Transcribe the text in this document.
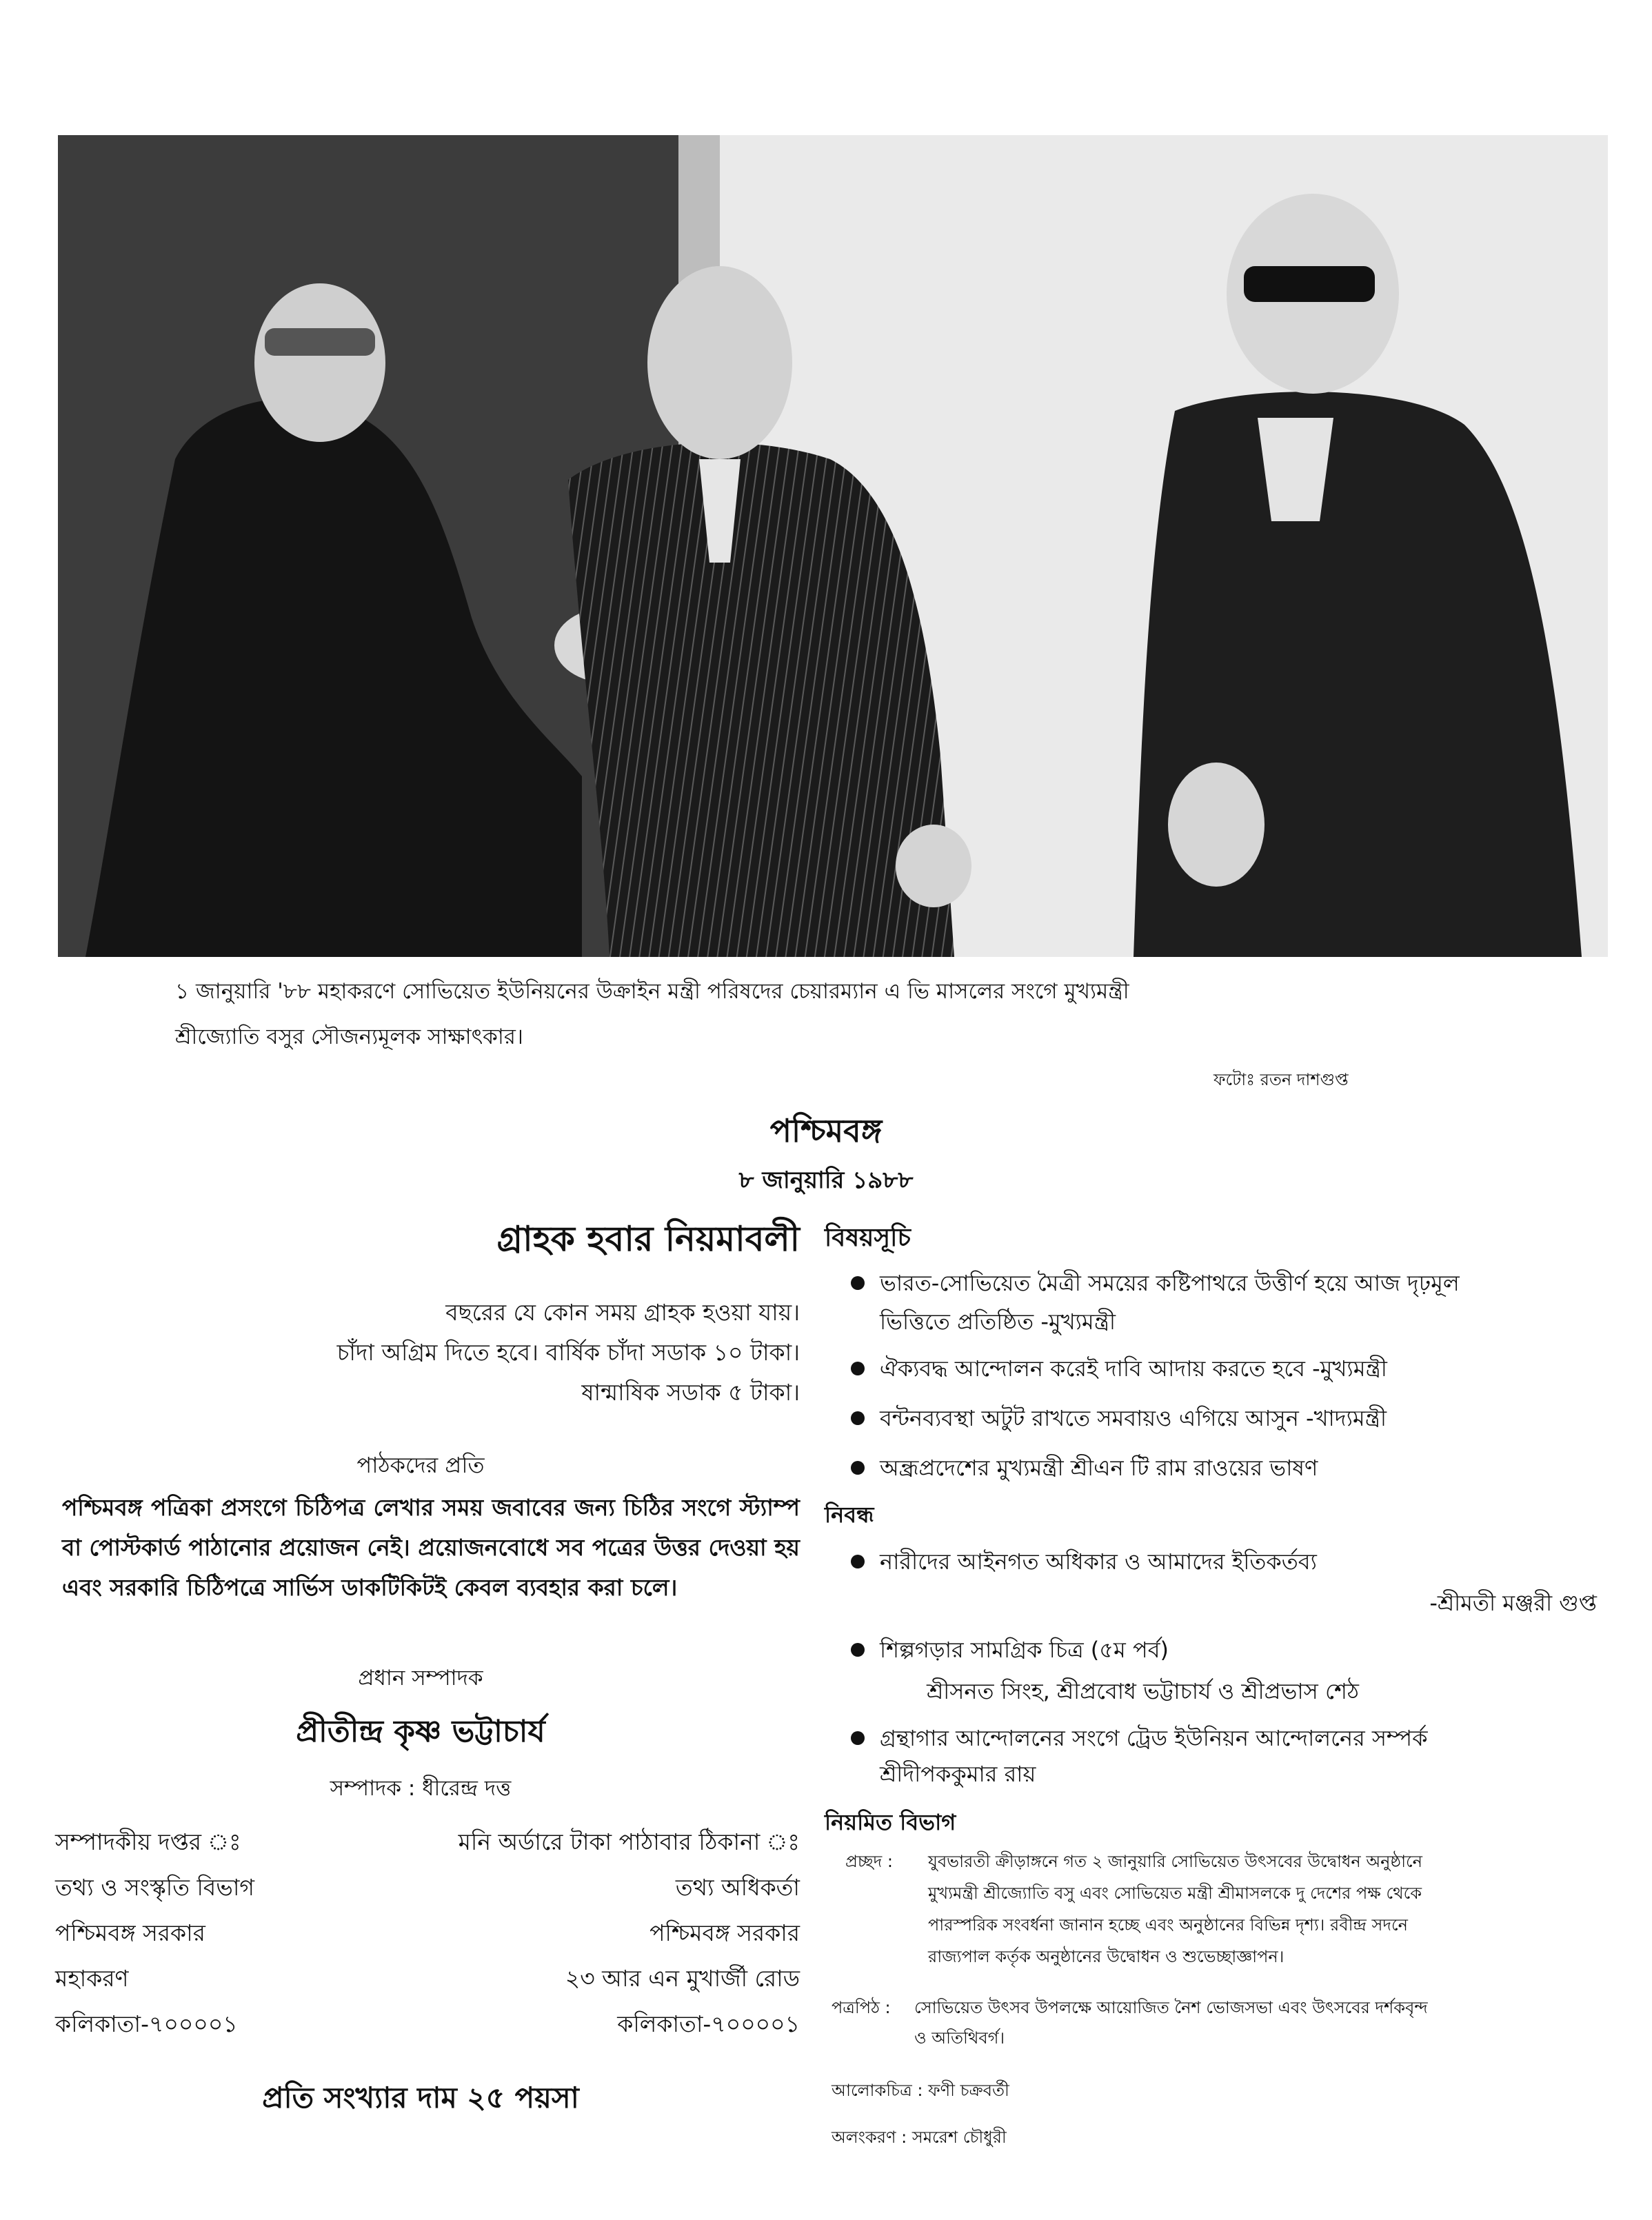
১ জানুয়ারি '৮৮ মহাকরণে সোভিয়েত ইউনিয়নের উক্রাইন মন্ত্রী পরিষদের চেয়ারম্যান এ ভি মাসলের সংগে মুখ্যমন্ত্রী
শ্রীজ্যোতি বসুর সৌজন্যমূলক সাক্ষাৎকার।
ফটোঃ রতন দাশগুপ্ত
পশ্চিমবঙ্গ
৮ জানুয়ারি ১৯৮৮
গ্রাহক হবার নিয়মাবলী
বছরের যে কোন সময় গ্রাহক হওয়া যায়।
চাঁদা অগ্রিম দিতে হবে। বার্ষিক চাঁদা সডাক ১০ টাকা।
ষান্মাষিক সডাক ৫ টাকা।
পাঠকদের প্রতি
পশ্চিমবঙ্গ পত্রিকা প্রসংগে চিঠিপত্র লেখার সময় জবাবের জন্য চিঠির সংগে স্ট্যাম্প বা পোস্টকার্ড পাঠানোর প্রয়োজন নেই। প্রয়োজনবোধে সব পত্রের উত্তর দেওয়া হয় এবং সরকারি চিঠিপত্রে সার্ভিস ডাকটিকিটই কেবল ব্যবহার করা চলে।
প্রধান সম্পাদক
প্রীতীন্দ্র কৃষ্ণ ভট্টাচার্য
সম্পাদক : ধীরেন্দ্র দত্ত
সম্পাদকীয় দপ্তর ঃ
তথ্য ও সংস্কৃতি বিভাগ
পশ্চিমবঙ্গ সরকার
মহাকরণ
কলিকাতা-৭০০০০১
মনি অর্ডারে টাকা পাঠাবার ঠিকানা ঃ
তথ্য অধিকর্তা
পশ্চিমবঙ্গ সরকার
২৩ আর এন মুখার্জী রোড
কলিকাতা-৭০০০০১
প্রতি সংখ্যার দাম ২৫ পয়সা
বিষয়সূচি
ভারত-সোভিয়েত মৈত্রী সময়ের কষ্টিপাথরে উত্তীর্ণ হয়ে আজ দৃঢ়মূল
ভিত্তিতে প্রতিষ্ঠিত -মুখ্যমন্ত্রী
ঐক্যবদ্ধ আন্দোলন করেই দাবি আদায় করতে হবে -মুখ্যমন্ত্রী
বন্টনব্যবস্থা অটুট রাখতে সমবায়ও এগিয়ে আসুন -খাদ্যমন্ত্রী
অন্ধ্রপ্রদেশের মুখ্যমন্ত্রী শ্রীএন টি রাম রাওয়ের ভাষণ
নিবন্ধ
নারীদের আইনগত অধিকার ও আমাদের ইতিকর্তব্য
-শ্রীমতী মঞ্জরী গুপ্ত
শিল্পগড়ার সামগ্রিক চিত্র (৫ম পর্ব)
শ্রীসনত সিংহ, শ্রীপ্রবোধ ভট্টাচার্য ও শ্রীপ্রভাস শেঠ
গ্রন্থাগার আন্দোলনের সংগে ট্রেড ইউনিয়ন আন্দোলনের সম্পর্ক
শ্রীদীপককুমার রায়
নিয়মিত বিভাগ
প্রচ্ছদ : যুবভারতী ক্রীড়াঙ্গনে গত ২ জানুয়ারি সোভিয়েত উৎসবের উদ্বোধন অনুষ্ঠানে
মুখ্যমন্ত্রী শ্রীজ্যোতি বসু এবং সোভিয়েত মন্ত্রী শ্রীমাসলকে দু দেশের পক্ষ থেকে
পারস্পরিক সংবর্ধনা জানান হচ্ছে এবং অনুষ্ঠানের বিভিন্ন দৃশ্য। রবীন্দ্র সদনে
রাজ্যপাল কর্তৃক অনুষ্ঠানের উদ্বোধন ও শুভেচ্ছাজ্ঞাপন।
পত্রপিঠ : সোভিয়েত উৎসব উপলক্ষে আয়োজিত নৈশ ভোজসভা এবং উৎসবের দর্শকবৃন্দ
ও অতিথিবর্গ।
আলোকচিত্র : ফণী চক্রবর্তী
অলংকরণ : সমরেশ চৌধুরী
